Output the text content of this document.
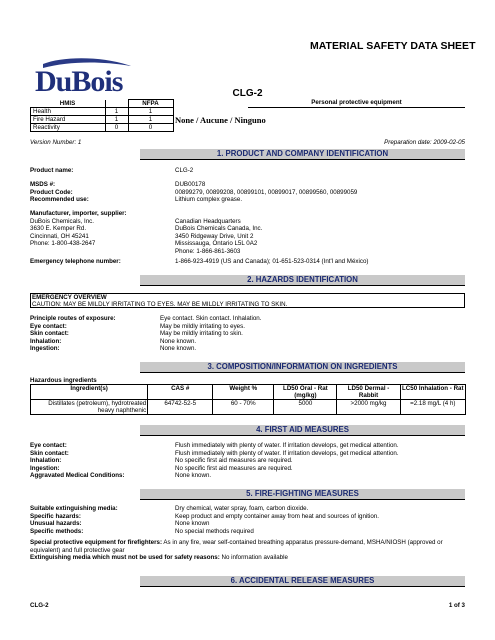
MATERIAL SAFETY DATA SHEET
DuBois	CLG-2
HMIS		NFPA
Health	1	1
Fire Hazard	1	1
Reactivity	0	0
Personal protective equipment
None / Aucune / Ninguno
Version Number: 1	Preparation date: 2009-02-05
1. PRODUCT AND COMPANY IDENTIFICATION
Product name:	CLG-2
MSDS #:	DUB00178
Product Code:	00899279, 00899208, 00899101, 00899017, 00899560, 00899059
Recommended use:	Lithium complex grease.
Manufacturer, importer, supplier:
DuBois Chemicals, Inc.
3630 E. Kemper Rd.
Cincinnati, OH 45241
Phone: 1-800-438-2647
Canadian Headquarters
DuBois Chemicals Canada, Inc.
3450 Ridgeway Drive, Unit 2
Mississauga, Ontario L5L 0A2
Phone: 1-866-861-3603
Emergency telephone number:	1-866-923-4919 (US and Canada); 01-651-523-0314 (Int'l and México)
2. HAZARDS IDENTIFICATION
EMERGENCY OVERVIEW
CAUTION: MAY BE MILDLY IRRITATING TO EYES. MAY BE MILDLY IRRITATING TO SKIN.
Principle routes of exposure:	Eye contact. Skin contact. Inhalation.
Eye contact:	May be mildly irritating to eyes.
Skin contact:	May be mildly irritating to skin.
Inhalation:	None known.
Ingestion:	None known.
3. COMPOSITION/INFORMATION ON INGREDIENTS
Hazardous ingredients
Ingredient(s)	CAS #	Weight %	LD50 Oral - Rat (mg/kg)	LD50 Dermal - Rabbit	LC50 Inhalation - Rat
Distillates (petroleum), hydrotreated heavy naphthenic	64742-52-5	60 - 70%	5000	>2000 mg/kg	=2.18 mg/L (4 h)
4. FIRST AID MEASURES
Eye contact:	Flush immediately with plenty of water. If irritation develops, get medical attention.
Skin contact:	Flush immediately with plenty of water. If irritation develops, get medical attention.
Inhalation:	No specific first aid measures are required.
Ingestion:	No specific first aid measures are required.
Aggravated Medical Conditions:	None known.
5. FIRE-FIGHTING MEASURES
Suitable extinguishing media:	Dry chemical, water spray, foam, carbon dioxide.
Specific hazards:	Keep product and empty container away from heat and sources of ignition.
Unusual hazards:	None known
Specific methods:	No special methods required
Special protective equipment for firefighters: As in any fire, wear self-contained breathing apparatus pressure-demand, MSHA/NIOSH (approved or
equivalent) and full protective gear
Extinguishing media which must not be used for safety reasons: No information available
6. ACCIDENTAL RELEASE MEASURES
CLG-2	1 of 3
